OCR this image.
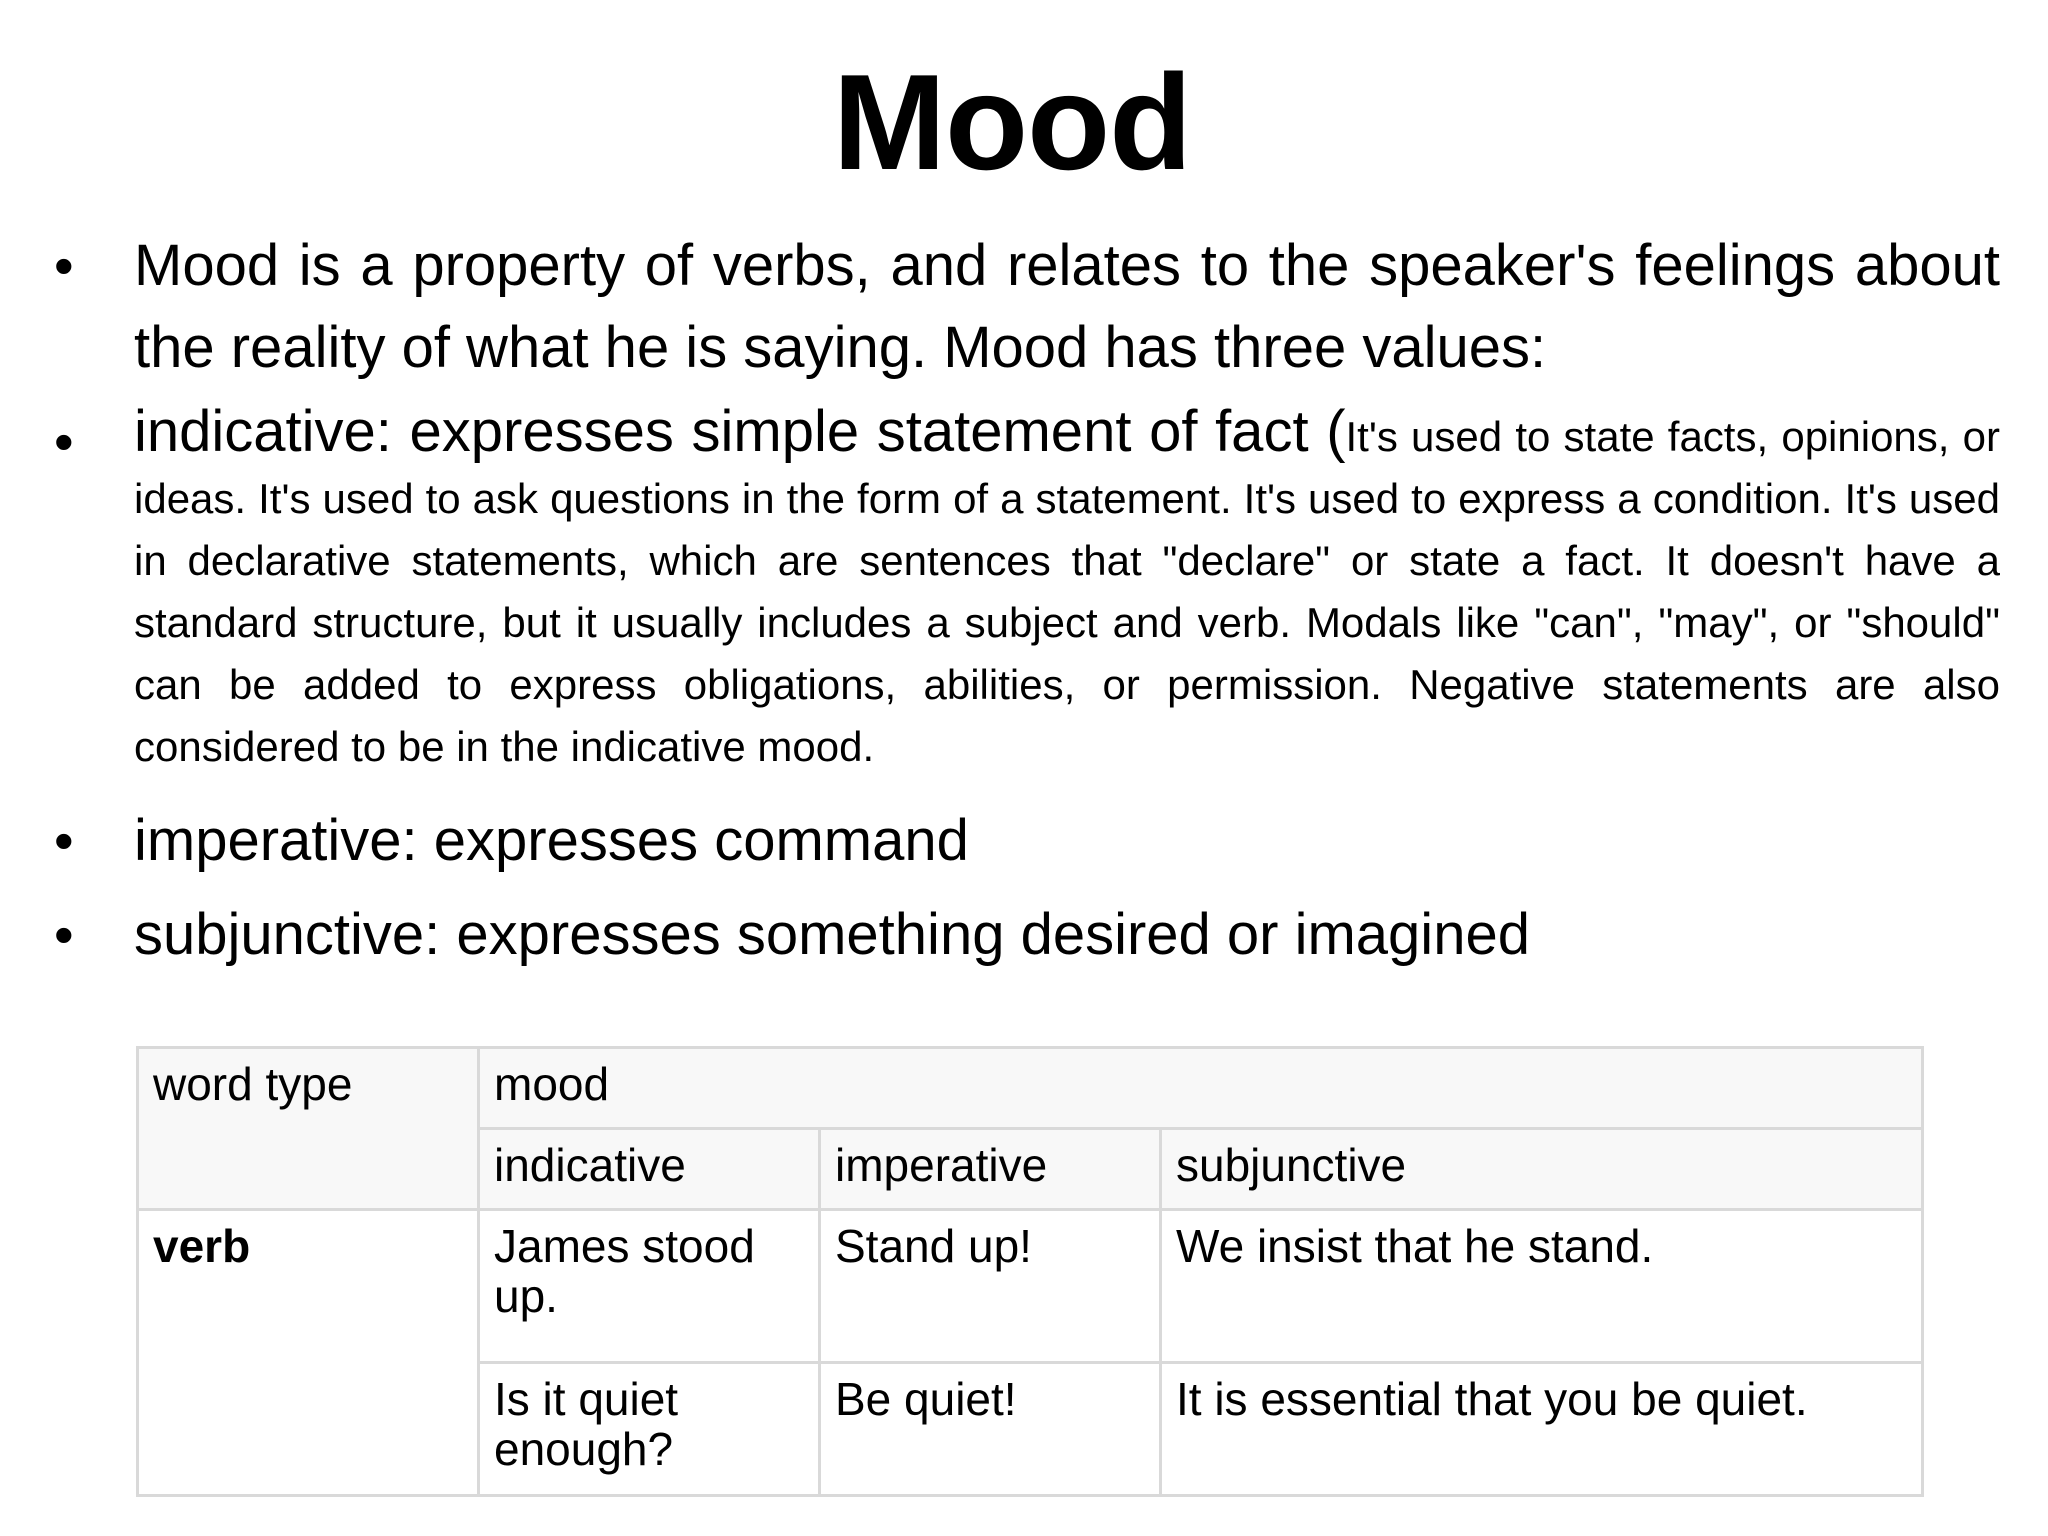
Mood
• Mood is a property of verbs, and relates to the speaker's feelings about the reality of what he is saying. Mood has three values:
• indicative: expresses simple statement of fact (It's used to state facts, opinions, or ideas. It's used to ask questions in the form of a statement. It's used to express a condition. It's used in declarative statements, which are sentences that "declare" or state a fact. It doesn't have a standard structure, but it usually includes a subject and verb. Modals like "can", "may", or "should" can be added to express obligations, abilities, or permission. Negative statements are also considered to be in the indicative mood.
• imperative: expresses command
• subjunctive: expresses something desired or imagined
word type	mood		
	indicative	imperative	subjunctive
verb	James stood up.	Stand up!	We insist that he stand.
	Is it quiet enough?	Be quiet!	It is essential that you be quiet.
